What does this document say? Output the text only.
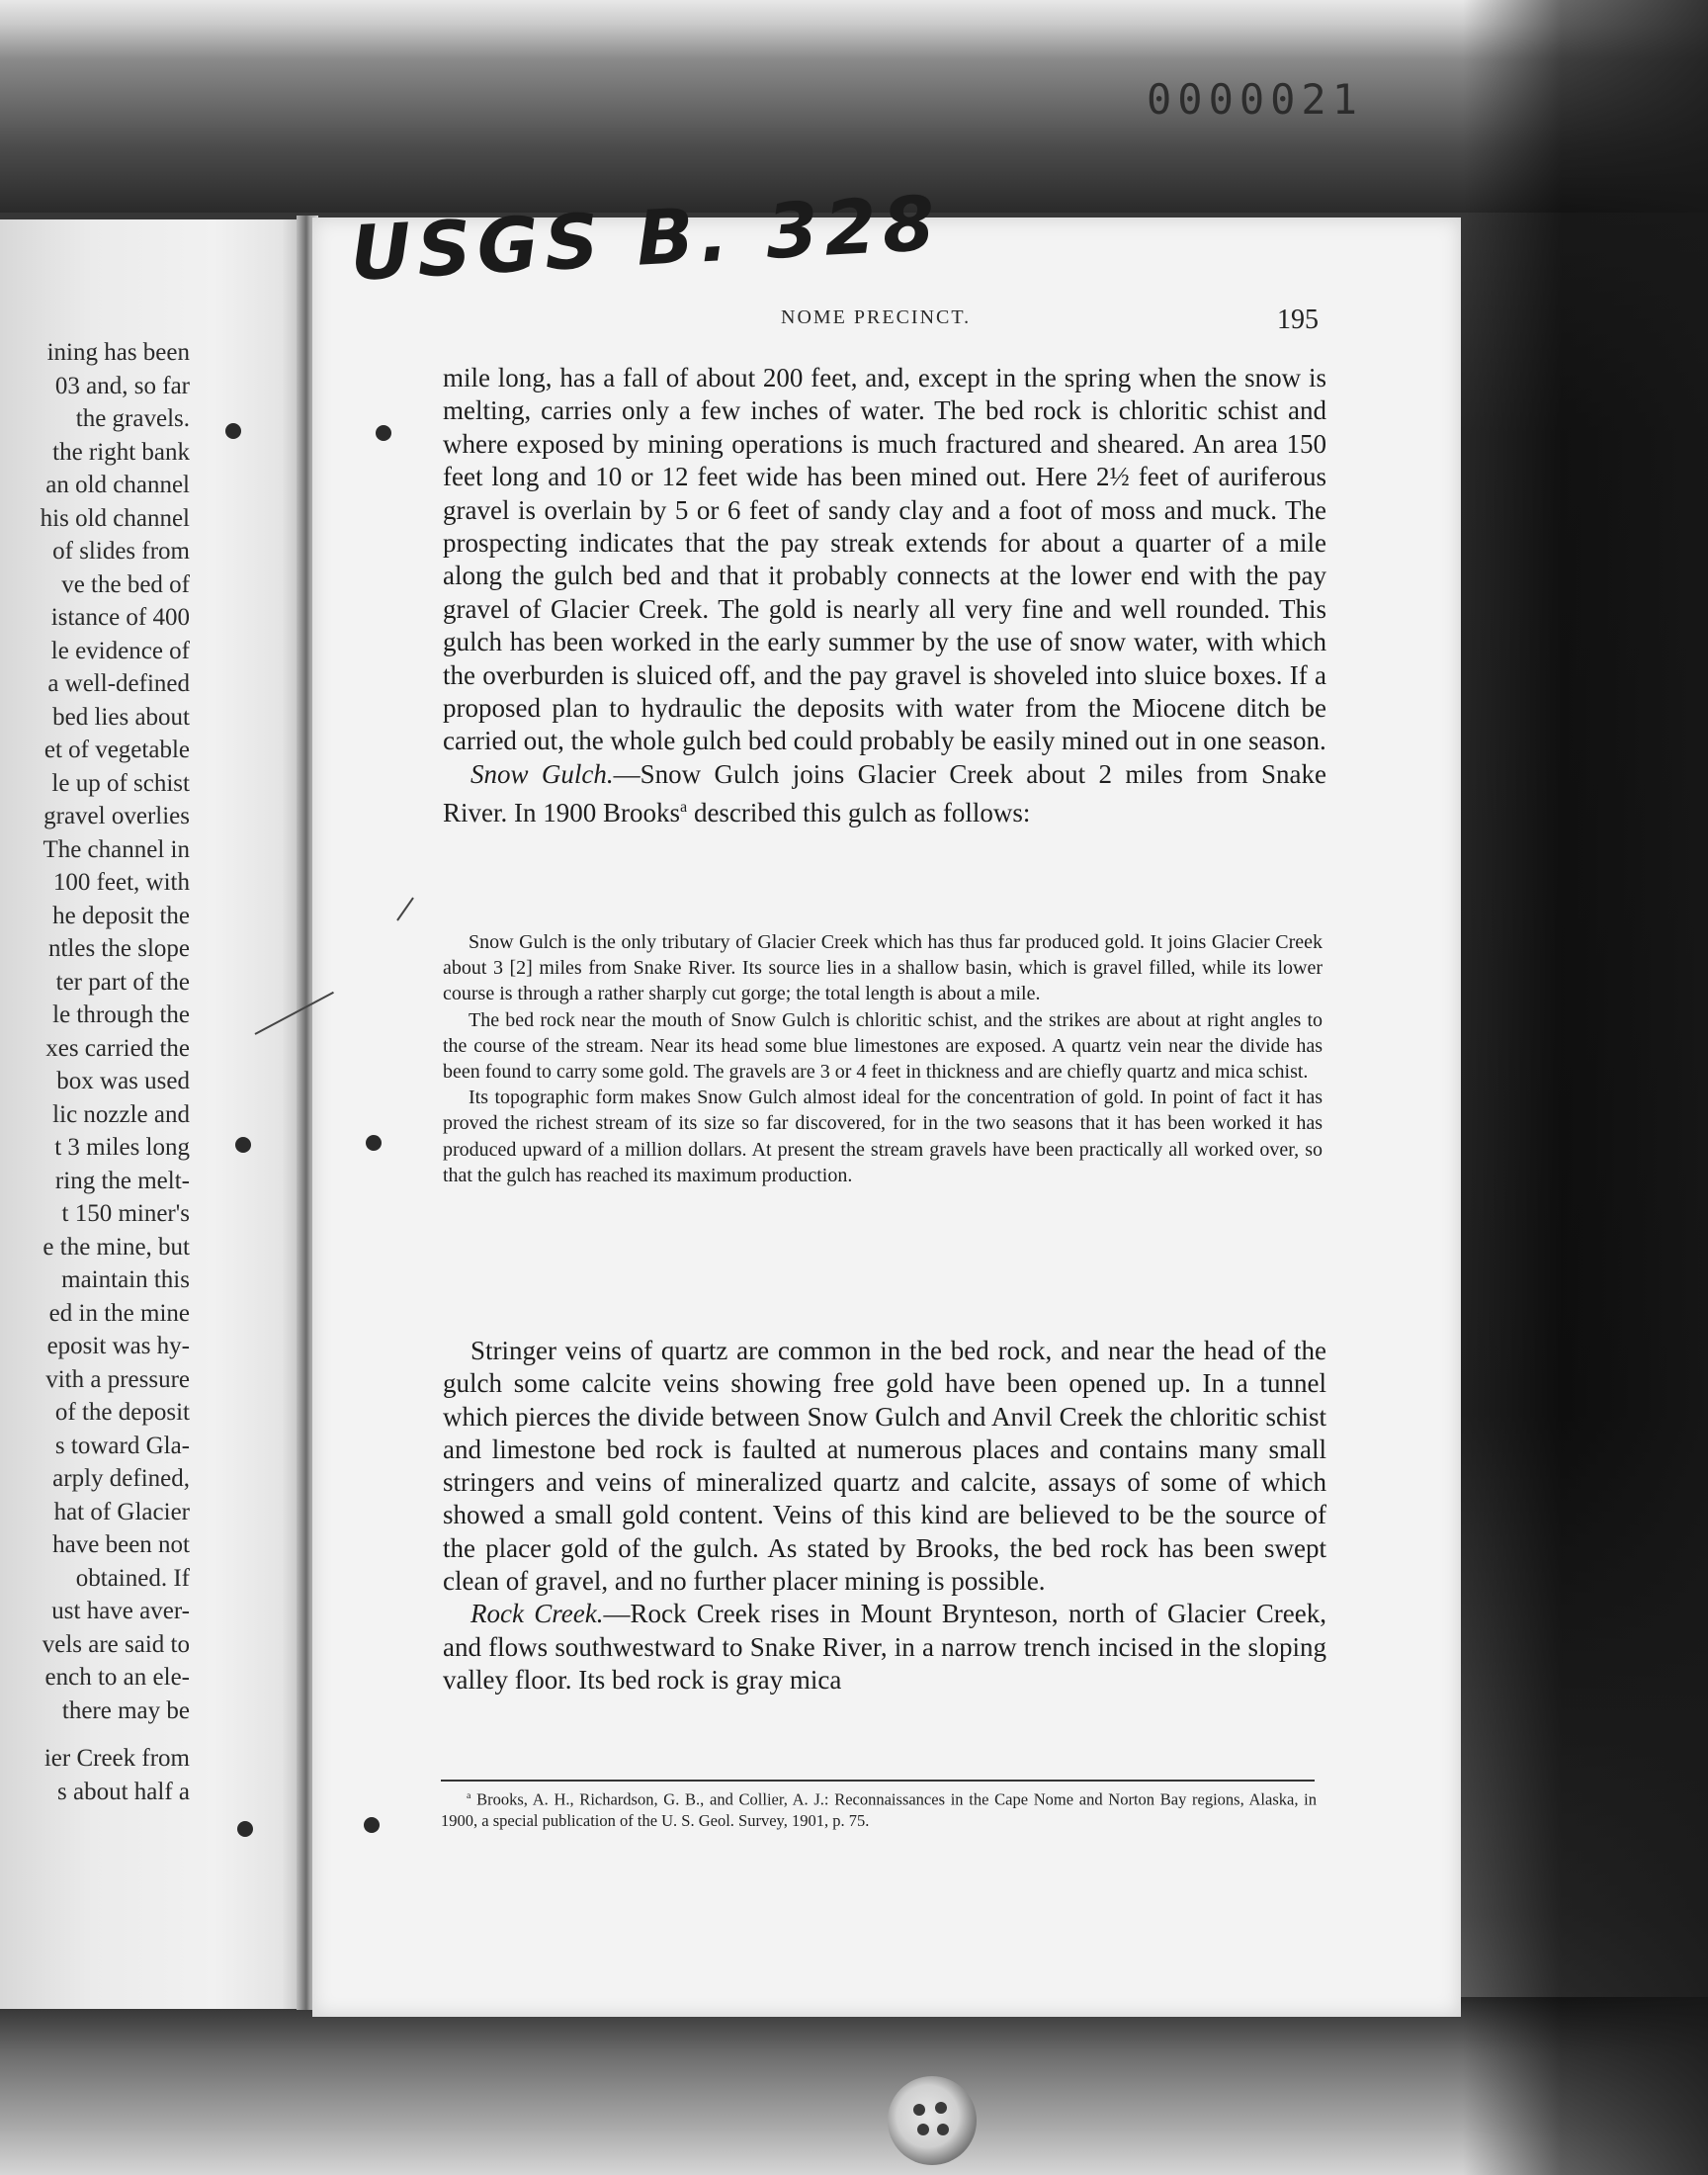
0000021
ining has been
03 and, so far
the gravels.
the right bank
an old channel
his old channel
of slides from
ve the bed of
istance of 400
le evidence of
a well-defined
bed lies about
et of vegetable
le up of schist
gravel overlies
The channel in
100 feet, with
he deposit the
ntles the slope
ter part of the
le through the
xes carried the
box was used
lic nozzle and
t 3 miles long
ring the melt-
t 150 miner's
e the mine, but
maintain this
ed in the mine
eposit was hy-
vith a pressure
of the deposit
s toward Gla-
arply defined,
hat of Glacier
have been not
obtained. If
ust have aver-
vels are said to
ench to an ele-
there may be
ier Creek from
s about half a
USGS B. 328
NOME PRECINCT.	195

mile long, has a fall of about 200 feet, and, except in the spring when the snow is melting, carries only a few inches of water. The bed rock is chloritic schist and where exposed by mining operations is much fractured and sheared. An area 150 feet long and 10 or 12 feet wide has been mined out. Here 2½ feet of auriferous gravel is overlain by 5 or 6 feet of sandy clay and a foot of moss and muck. The prospecting indicates that the pay streak extends for about a quarter of a mile along the gulch bed and that it probably connects at the lower end with the pay gravel of Glacier Creek. The gold is nearly all very fine and well rounded. This gulch has been worked in the early summer by the use of snow water, with which the overburden is sluiced off, and the pay gravel is shoveled into sluice boxes. If a proposed plan to hydraulic the deposits with water from the Miocene ditch be carried out, the whole gulch bed could probably be easily mined out in one season.

Snow Gulch.—Snow Gulch joins Glacier Creek about 2 miles from Snake River. In 1900 Brooks$^a$ described this gulch as follows:

Snow Gulch is the only tributary of Glacier Creek which has thus far produced gold. It joins Glacier Creek about 3 [2] miles from Snake River. Its source lies in a shallow basin, which is gravel filled, while its lower course is through a rather sharply cut gorge; the total length is about a mile.

The bed rock near the mouth of Snow Gulch is chloritic schist, and the strikes are about at right angles to the course of the stream. Near its head some blue limestones are exposed. A quartz vein near the divide has been found to carry some gold. The gravels are 3 or 4 feet in thickness and are chiefly quartz and mica schist.

Its topographic form makes Snow Gulch almost ideal for the concentration of gold. In point of fact it has proved the richest stream of its size so far discovered, for in the two seasons that it has been worked it has produced upward of a million dollars. At present the stream gravels have been practically all worked over, so that the gulch has reached its maximum production.

Stringer veins of quartz are common in the bed rock, and near the head of the gulch some calcite veins showing free gold have been opened up. In a tunnel which pierces the divide between Snow Gulch and Anvil Creek the chloritic schist and limestone bed rock is faulted at numerous places and contains many small stringers and veins of mineralized quartz and calcite, assays of some of which showed a small gold content. Veins of this kind are believed to be the source of the placer gold of the gulch. As stated by Brooks, the bed rock has been swept clean of gravel, and no further placer mining is possible.

Rock Creek.—Rock Creek rises in Mount Brynteson, north of Glacier Creek, and flows southwestward to Snake River, in a narrow trench incised in the sloping valley floor. Its bed rock is gray mica

$^a$ Brooks, A. H., Richardson, G. B., and Collier, A. J.: Reconnaissances in the Cape Nome and Norton Bay regions, Alaska, in 1900, a special publication of the U. S. Geol. Survey, 1901, p. 75.
